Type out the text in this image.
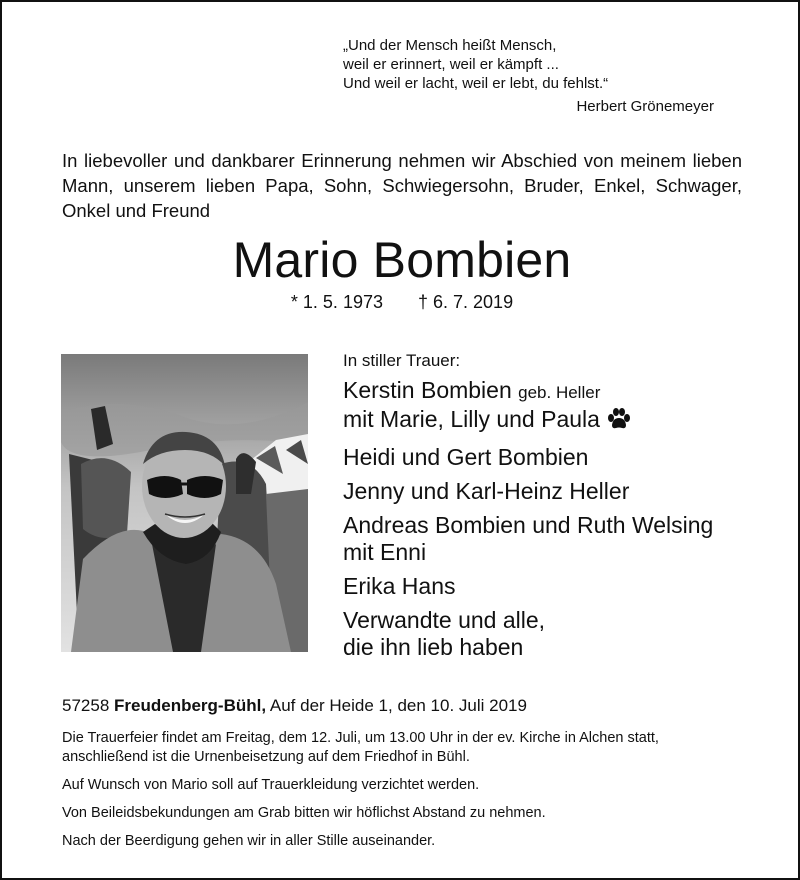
„Und der Mensch heißt Mensch,
weil er erinnert, weil er kämpft ...
Und weil er lacht, weil er lebt, du fehlst.“
Herbert Grönemeyer
In liebevoller und dankbarer Erinnerung nehmen wir Abschied von meinem lieben Mann, unserem lieben Papa, Sohn, Schwiegersohn, Bruder, Enkel, Schwager, Onkel und Freund
Mario Bombien
* 1. 5. 1973 † 6. 7. 2019
In stiller Trauer:
Kerstin Bombien geb. Heller
mit Marie, Lilly und Paula
Heidi und Gert Bombien
Jenny und Karl-Heinz Heller
Andreas Bombien und Ruth Welsing
mit Enni
Erika Hans
Verwandte und alle,
die ihn lieb haben
57258 Freudenberg-Bühl, Auf der Heide 1, den 10. Juli 2019

Die Trauerfeier findet am Freitag, dem 12. Juli, um 13.00 Uhr in der ev. Kirche in Alchen statt, anschließend ist die Urnenbeisetzung auf dem Friedhof in Bühl.

Auf Wunsch von Mario soll auf Trauerkleidung verzichtet werden.

Von Beileidsbekundungen am Grab bitten wir höflichst Abstand zu nehmen.

Nach der Beerdigung gehen wir in aller Stille auseinander.
